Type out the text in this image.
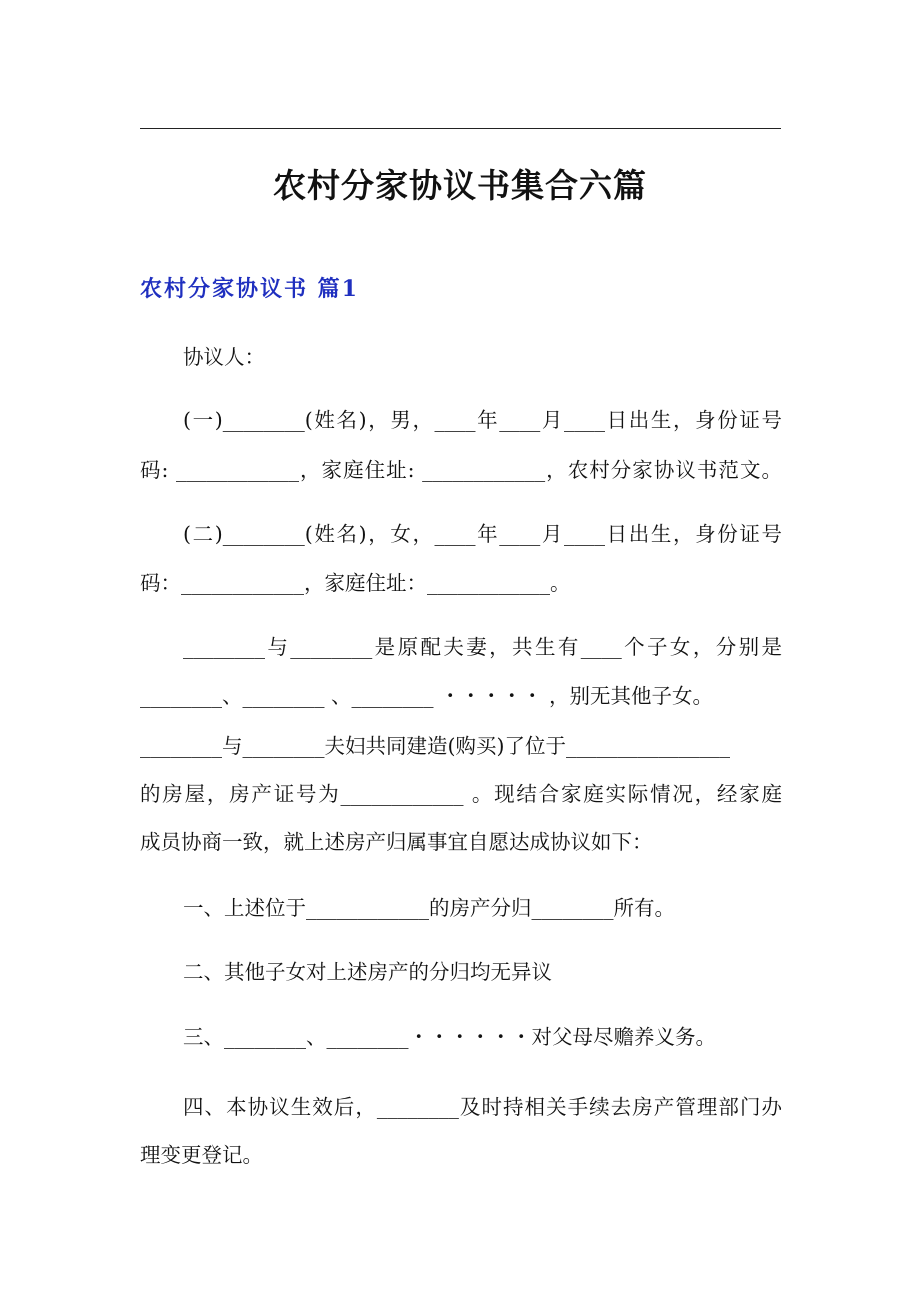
农村分家协议书集合六篇
农村分家协议书 篇1
协议人：
(一)________(姓名)，男，____年____月____日出生，身份证号
码: ____________，家庭住址: ____________，农村分家协议书范文。
(二)________(姓名)，女，____年____月____日出生，身份证号
码：____________，家庭住址：____________。
________与________是原配夫妻，共生有____个子女，分别是
________、________ 、________ ・・・・・ ，别无其他子女。
________与________夫妇共同建造(购买)了位于________________
的房屋，房产证号为____________ 。现结合家庭实际情况，经家庭
成员协商一致，就上述房产归属事宜自愿达成协议如下：
一、上述位于____________的房产分归________所有。
二、其他子女对上述房产的分归均无异议
三、________、________・・・・・・对父母尽赡养义务。
四、本协议生效后，________及时持相关手续去房产管理部门办
理变更登记。
